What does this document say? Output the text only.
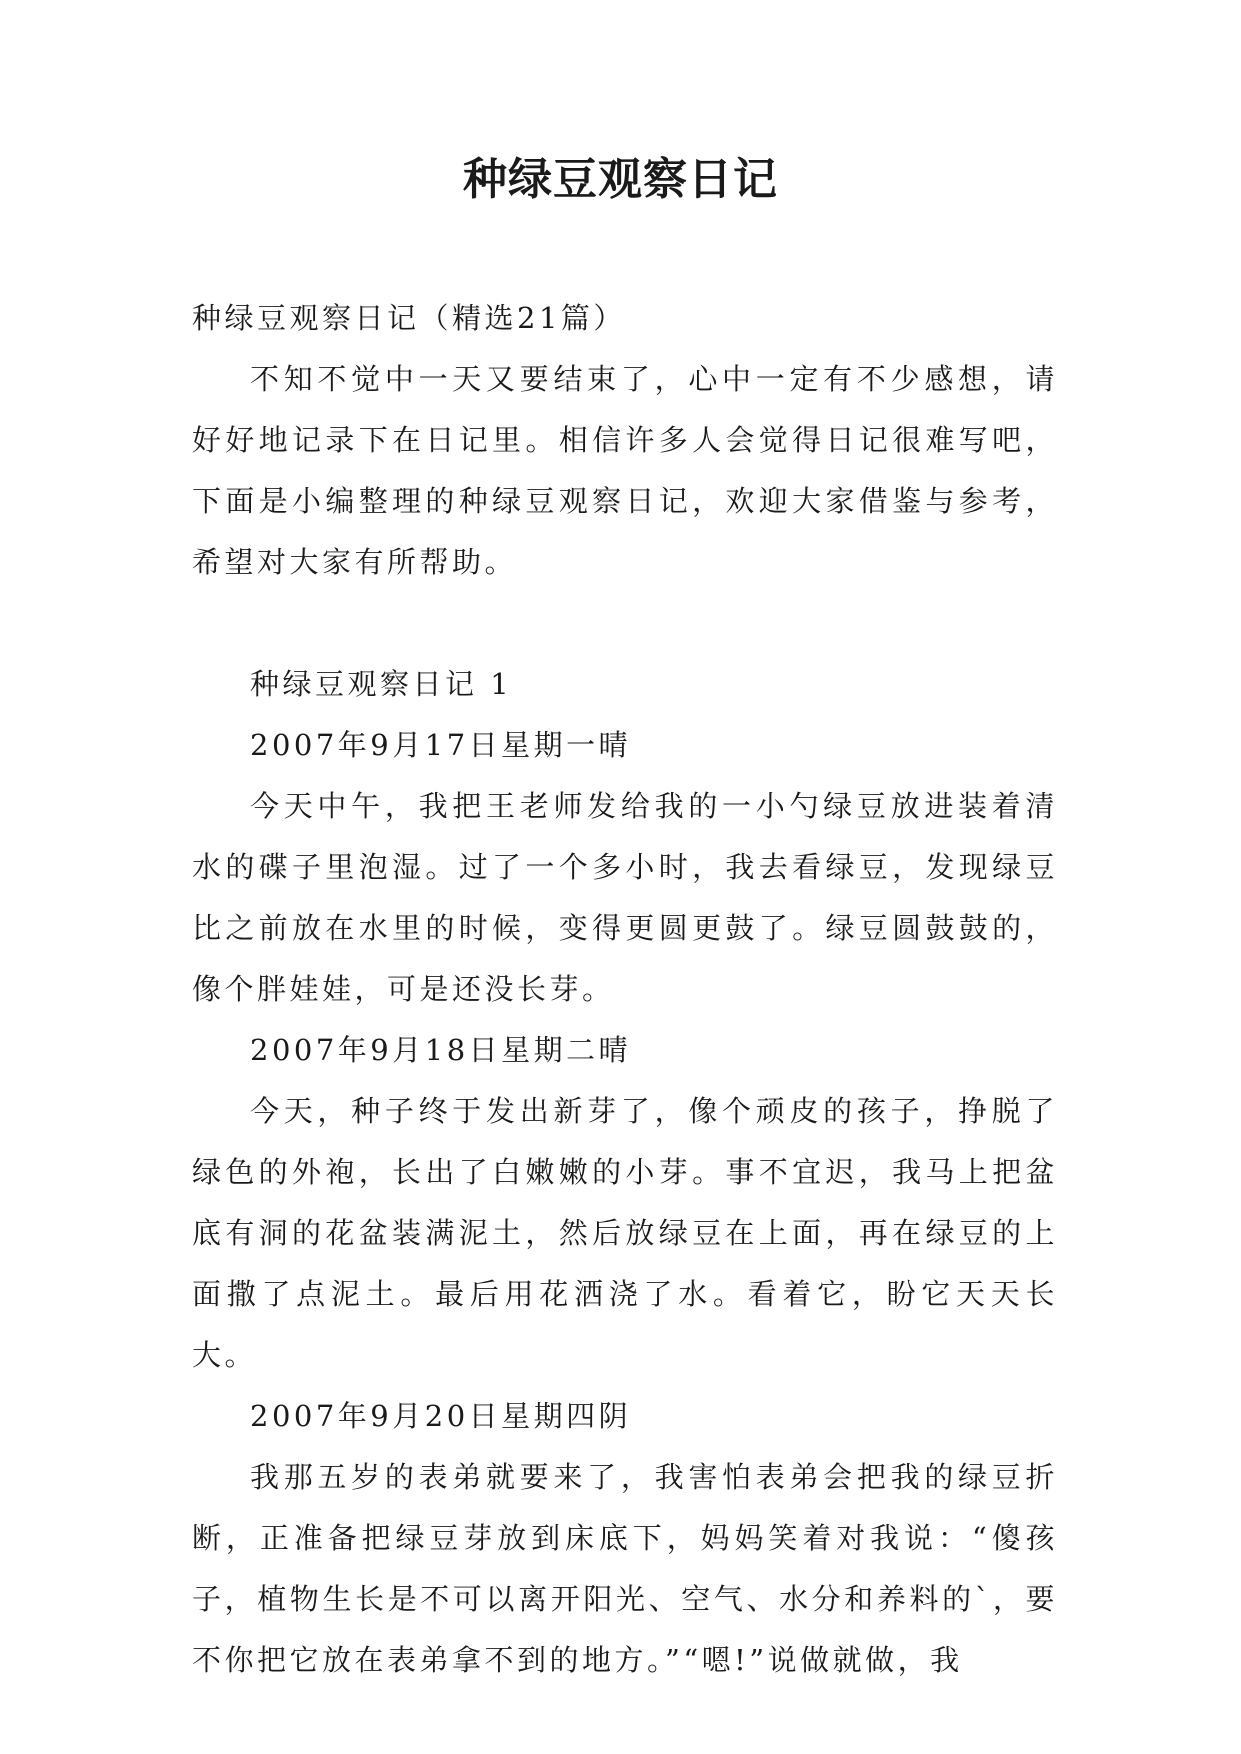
种绿豆观察日记

种绿豆观察日记（精选21篇）

不知不觉中一天又要结束了，心中一定有不少感想，请好好地记录下在日记里。相信许多人会觉得日记很难写吧，下面是小编整理的种绿豆观察日记，欢迎大家借鉴与参考，希望对大家有所帮助。

种绿豆观察日记 1

2007年9月17日星期一晴

今天中午，我把王老师发给我的一小勺绿豆放进装着清水的碟子里泡湿。过了一个多小时，我去看绿豆，发现绿豆比之前放在水里的时候，变得更圆更鼓了。绿豆圆鼓鼓的，像个胖娃娃，可是还没长芽。

2007年9月18日星期二晴

今天，种子终于发出新芽了，像个顽皮的孩子，挣脱了绿色的外袍，长出了白嫩嫩的小芽。事不宜迟，我马上把盆底有洞的花盆装满泥土，然后放绿豆在上面，再在绿豆的上面撒了点泥土。最后用花洒浇了水。看着它，盼它天天长大。

2007年9月20日星期四阴

我那五岁的表弟就要来了，我害怕表弟会把我的绿豆折断，正准备把绿豆芽放到床底下，妈妈笑着对我说：“傻孩子，植物生长是不可以离开阳光、空气、水分和养料的`，要不你把它放在表弟拿不到的地方。”“嗯!”说做就做，我
